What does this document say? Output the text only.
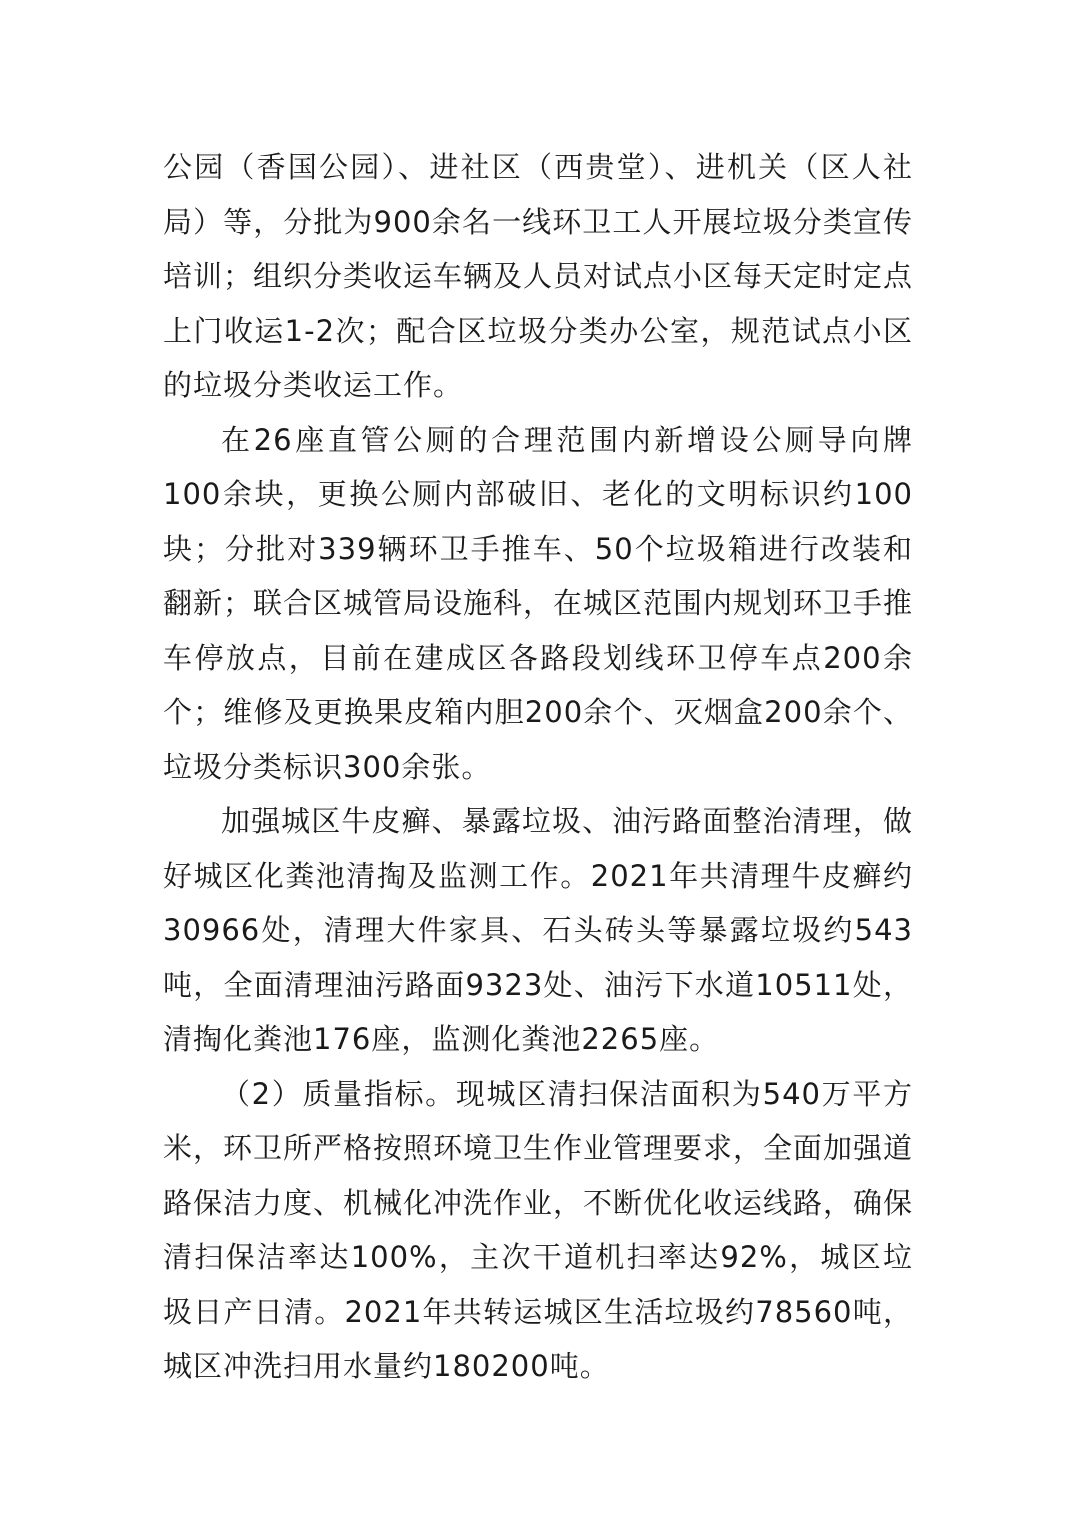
公园（香国公园）、进社区（西贵堂）、进机关（区人社局）等，分批为900余名一线环卫工人开展垃圾分类宣传培训；组织分类收运车辆及人员对试点小区每天定时定点上门收运1-2次；配合区垃圾分类办公室，规范试点小区的垃圾分类收运工作。

在26座直管公厕的合理范围内新增设公厕导向牌100余块，更换公厕内部破旧、老化的文明标识约100块；分批对339辆环卫手推车、50个垃圾箱进行改装和翻新；联合区城管局设施科，在城区范围内规划环卫手推车停放点，目前在建成区各路段划线环卫停车点200余个；维修及更换果皮箱内胆200余个、灭烟盒200余个、垃圾分类标识300余张。

加强城区牛皮癣、暴露垃圾、油污路面整治清理，做好城区化粪池清掏及监测工作。2021年共清理牛皮癣约30966处，清理大件家具、石头砖头等暴露垃圾约543吨，全面清理油污路面9323处、油污下水道10511处，清掏化粪池176座，监测化粪池2265座。

（2）质量指标。现城区清扫保洁面积为540万平方米，环卫所严格按照环境卫生作业管理要求，全面加强道路保洁力度、机械化冲洗作业，不断优化收运线路，确保清扫保洁率达100%，主次干道机扫率达92%，城区垃圾日产日清。2021年共转运城区生活垃圾约78560吨，城区冲洗扫用水量约180200吨。
